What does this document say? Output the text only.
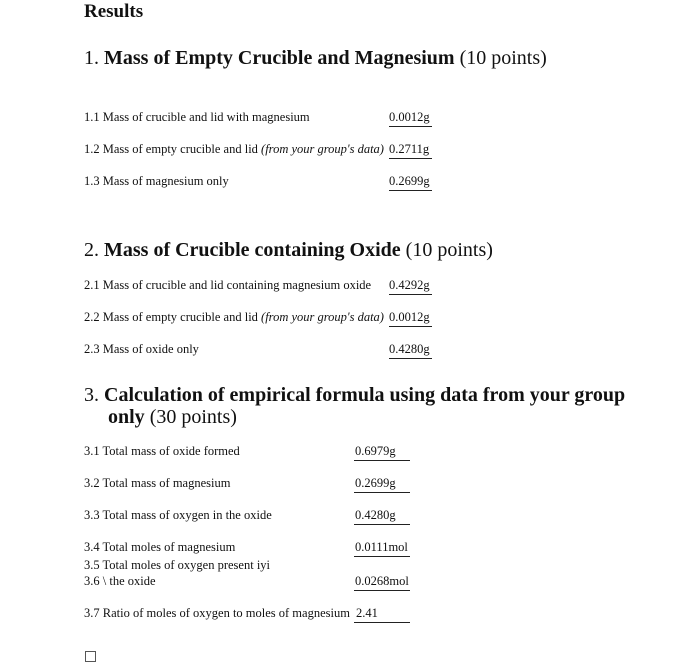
Results
1. Mass of Empty Crucible and Magnesium (10 points)
1.1 Mass of crucible and lid with magnesium	0.0012g
1.2 Mass of empty crucible and lid (from your group's data) 0.2711g
1.3 Mass of magnesium only	0.2699g
2. Mass of Crucible containing Oxide (10 points)
2.1 Mass of crucible and lid containing magnesium oxide 0.4292g
2.2 Mass of empty crucible and lid (from your group's data) 0.0012g
2.3 Mass of oxide only	0.4280g
3. Calculation of empirical formula using data from your group
only (30 points)
3.1 Total mass of oxide formed	0.6979g
3.2 Total mass of magnesium	0.2699g
3.3 Total mass of oxygen in the oxide	0.4280g
3.4 Total moles of magnesium	0.0111mol
3.5 Total moles of oxygen present iyi
3.6 \ the oxide	0.0268mol
3.7 Ratio of moles of oxygen to moles of magnesium 2.41
